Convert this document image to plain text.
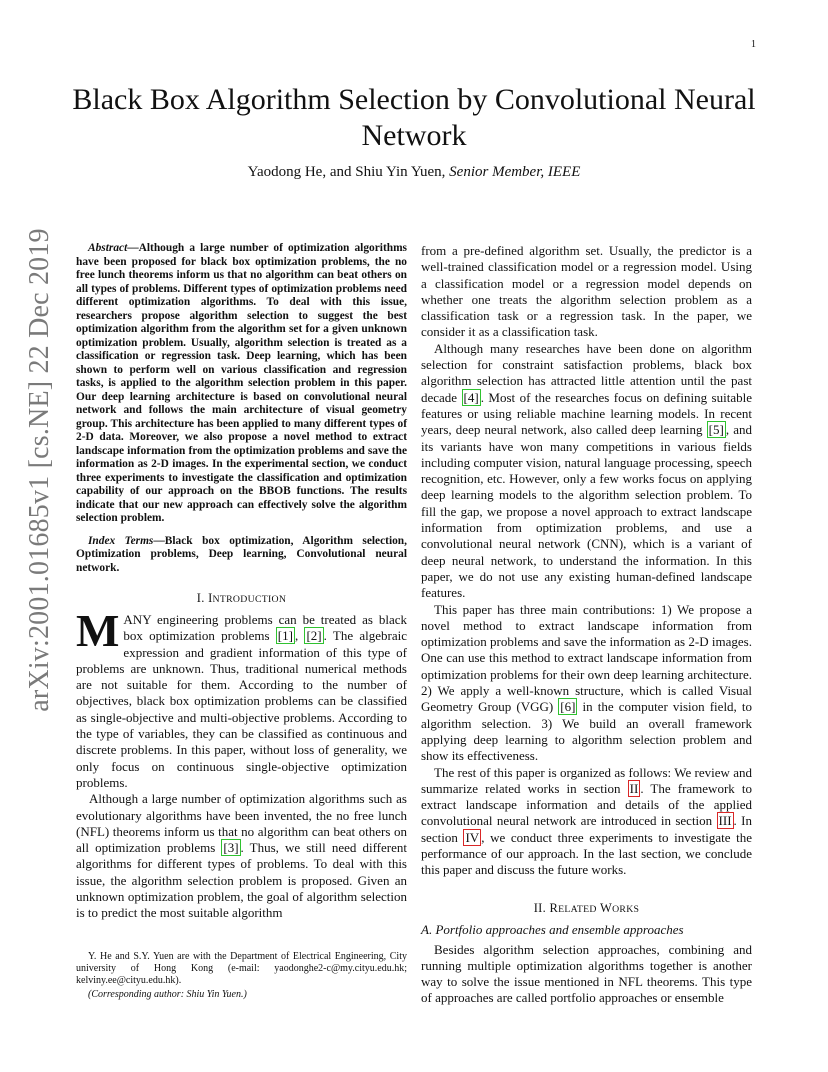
1
arXiv:2001.01685v1 [cs.NE] 22 Dec 2019
Black Box Algorithm Selection by Convolutional Neural Network
Yaodong He, and Shiu Yin Yuen, Senior Member, IEEE

Abstract—Although a large number of optimization algorithms have been proposed for black box optimization problems, the no free lunch theorems inform us that no algorithm can beat others on all types of problems. Different types of optimization problems need different optimization algorithms. To deal with this issue, researchers propose algorithm selection to suggest the best optimization algorithm from the algorithm set for a given unknown optimization problem. Usually, algorithm selection is treated as a classification or regression task. Deep learning, which has been shown to perform well on various classification and regression tasks, is applied to the algorithm selection problem in this paper. Our deep learning architecture is based on convolutional neural network and follows the main architecture of visual geometry group. This architecture has been applied to many different types of 2-D data. Moreover, we also propose a novel method to extract landscape information from the optimization problems and save the information as 2-D images. In the experimental section, we conduct three experiments to investigate the classification and optimization capability of our approach on the BBOB functions. The results indicate that our new approach can effectively solve the algorithm selection problem.

Index Terms—Black box optimization, Algorithm selection, Optimization problems, Deep learning, Convolutional neural network.

I. INTRODUCTION

MANY engineering problems can be treated as black box optimization problems [1] , [2] . The algebraic expression and gradient information of this type of problems are unknown. Thus, traditional numerical methods are not suitable for them. According to the number of objectives, black box optimization problems can be classified as single-objective and multi-objective problems. According to the type of variables, they can be classified as continuous and discrete problems. In this paper, without loss of generality, we only focus on continuous single-objective optimization problems.

Although a large number of optimization algorithms such as evolutionary algorithms have been invented, the no free lunch (NFL) theorems inform us that no algorithm can beat others on all optimization problems [3] . Thus, we still need different algorithms for different types of problems. To deal with this issue, the algorithm selection problem is proposed. Given an unknown optimization problem, the goal of algorithm selection is to predict the most suitable algorithm

Y. He and S.Y. Yuen are with the Department of Electrical Engineering, City university of Hong Kong (e-mail: yaodonghe2-c@my.cityu.edu.hk; kelviny.ee@cityu.edu.hk).

(Corresponding author: Shiu Yin Yuen.)

from a pre-defined algorithm set. Usually, the predictor is a well-trained classification model or a regression model. Using a classification model or a regression model depends on whether one treats the algorithm selection problem as a classification task or a regression task. In the paper, we consider it as a classification task.

Although many researches have been done on algorithm selection for constraint satisfaction problems, black box algorithm selection has attracted little attention until the past decade [4] . Most of the researches focus on defining suitable features or using reliable machine learning models. In recent years, deep neural network, also called deep learning [5] , and its variants have won many competitions in various fields including computer vision, natural language processing, speech recognition, etc. However, only a few works focus on applying deep learning models to the algorithm selection problem. To fill the gap, we propose a novel approach to extract landscape information from optimization problems, and use a convolutional neural network (CNN), which is a variant of deep neural network, to understand the information. In this paper, we do not use any existing human-defined landscape features.

This paper has three main contributions: 1) We propose a novel method to extract landscape information from optimization problems and save the information as 2-D images. One can use this method to extract landscape information from optimization problems for their own deep learning architecture. 2) We apply a well-known structure, which is called Visual Geometry Group (VGG) [6] in the computer vision field, to algorithm selection. 3) We build an overall framework applying deep learning to algorithm selection problem and show its effectiveness.

The rest of this paper is organized as follows: We review and summarize related works in section II . The framework to extract landscape information and details of the applied convolutional neural network are introduced in section III . In section IV , we conduct three experiments to investigate the performance of our approach. In the last section, we conclude this paper and discuss the future works.

II. RELATED WORKS
A. Portfolio approaches and ensemble approaches

Besides algorithm selection approaches, combining and running multiple optimization algorithms together is another way to solve the issue mentioned in NFL theorems. This type of approaches are called portfolio approaches or ensemble
